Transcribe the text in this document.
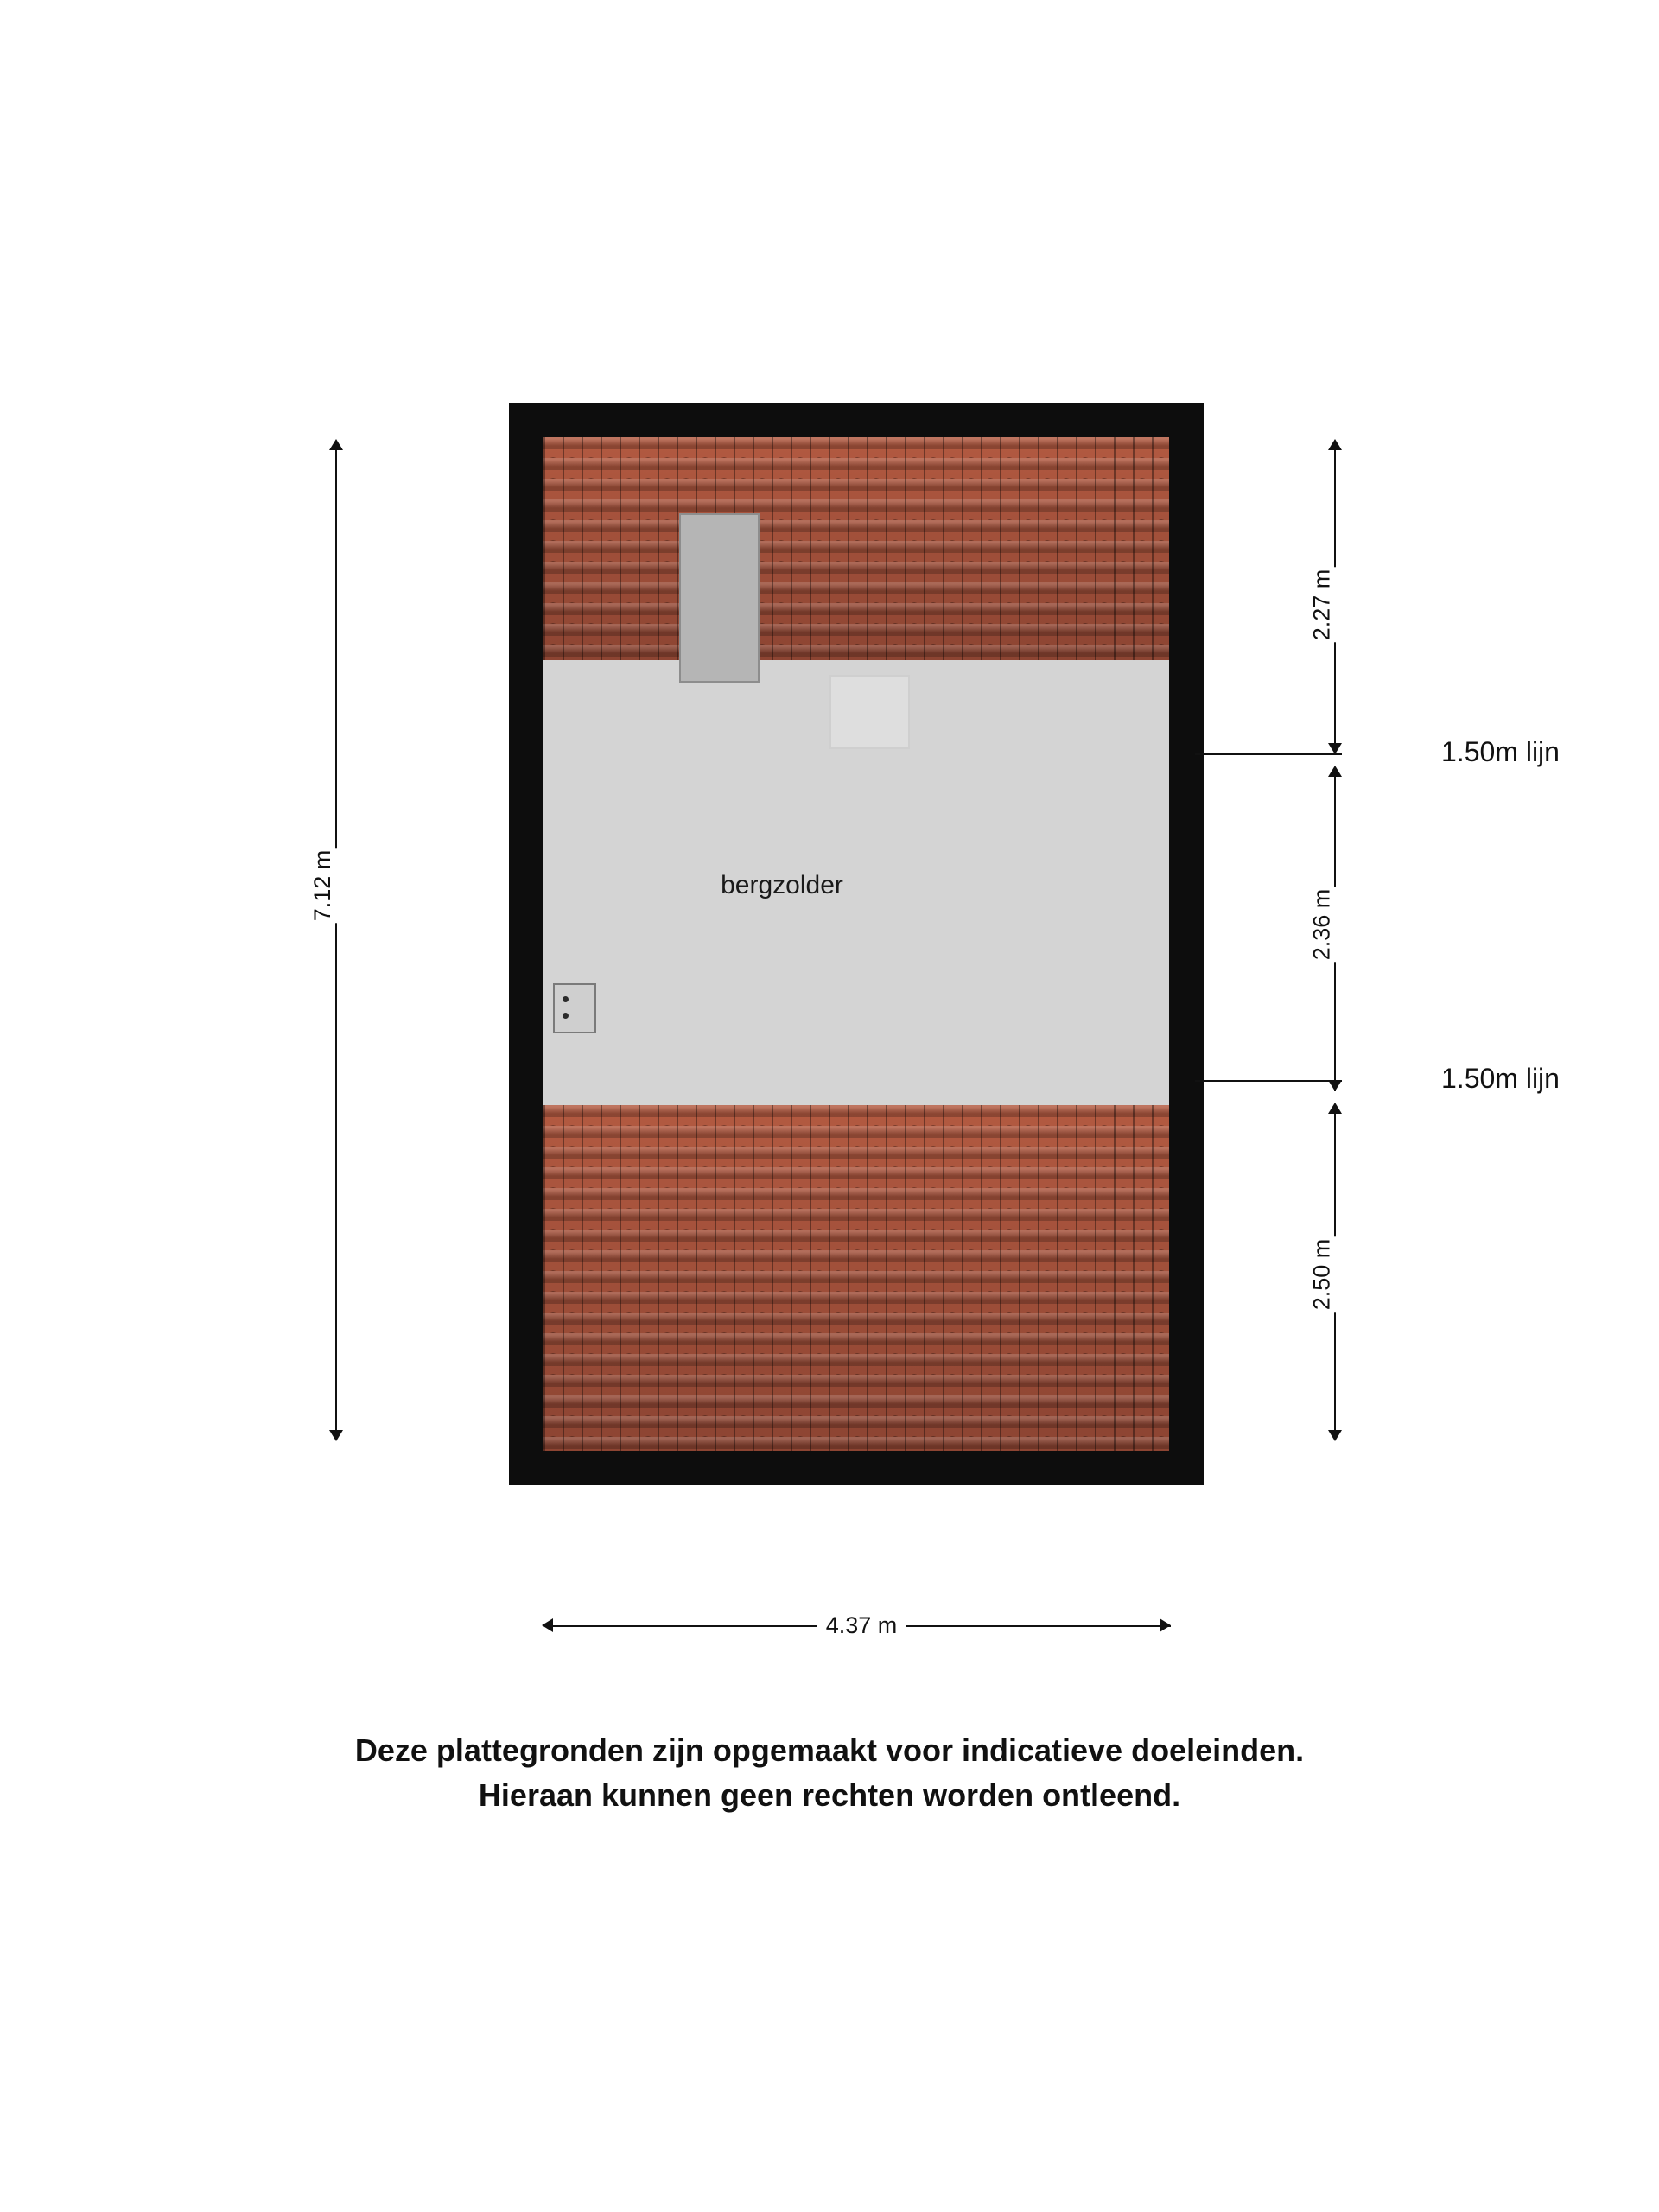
bergzolder
7.12 m
2.27 m
2.36 m
2.50 m
1.50m lijn
1.50m lijn
4.37 m
Deze plattegronden zijn opgemaakt voor indicatieve doeleinden.
Hieraan kunnen geen rechten worden ontleend.
